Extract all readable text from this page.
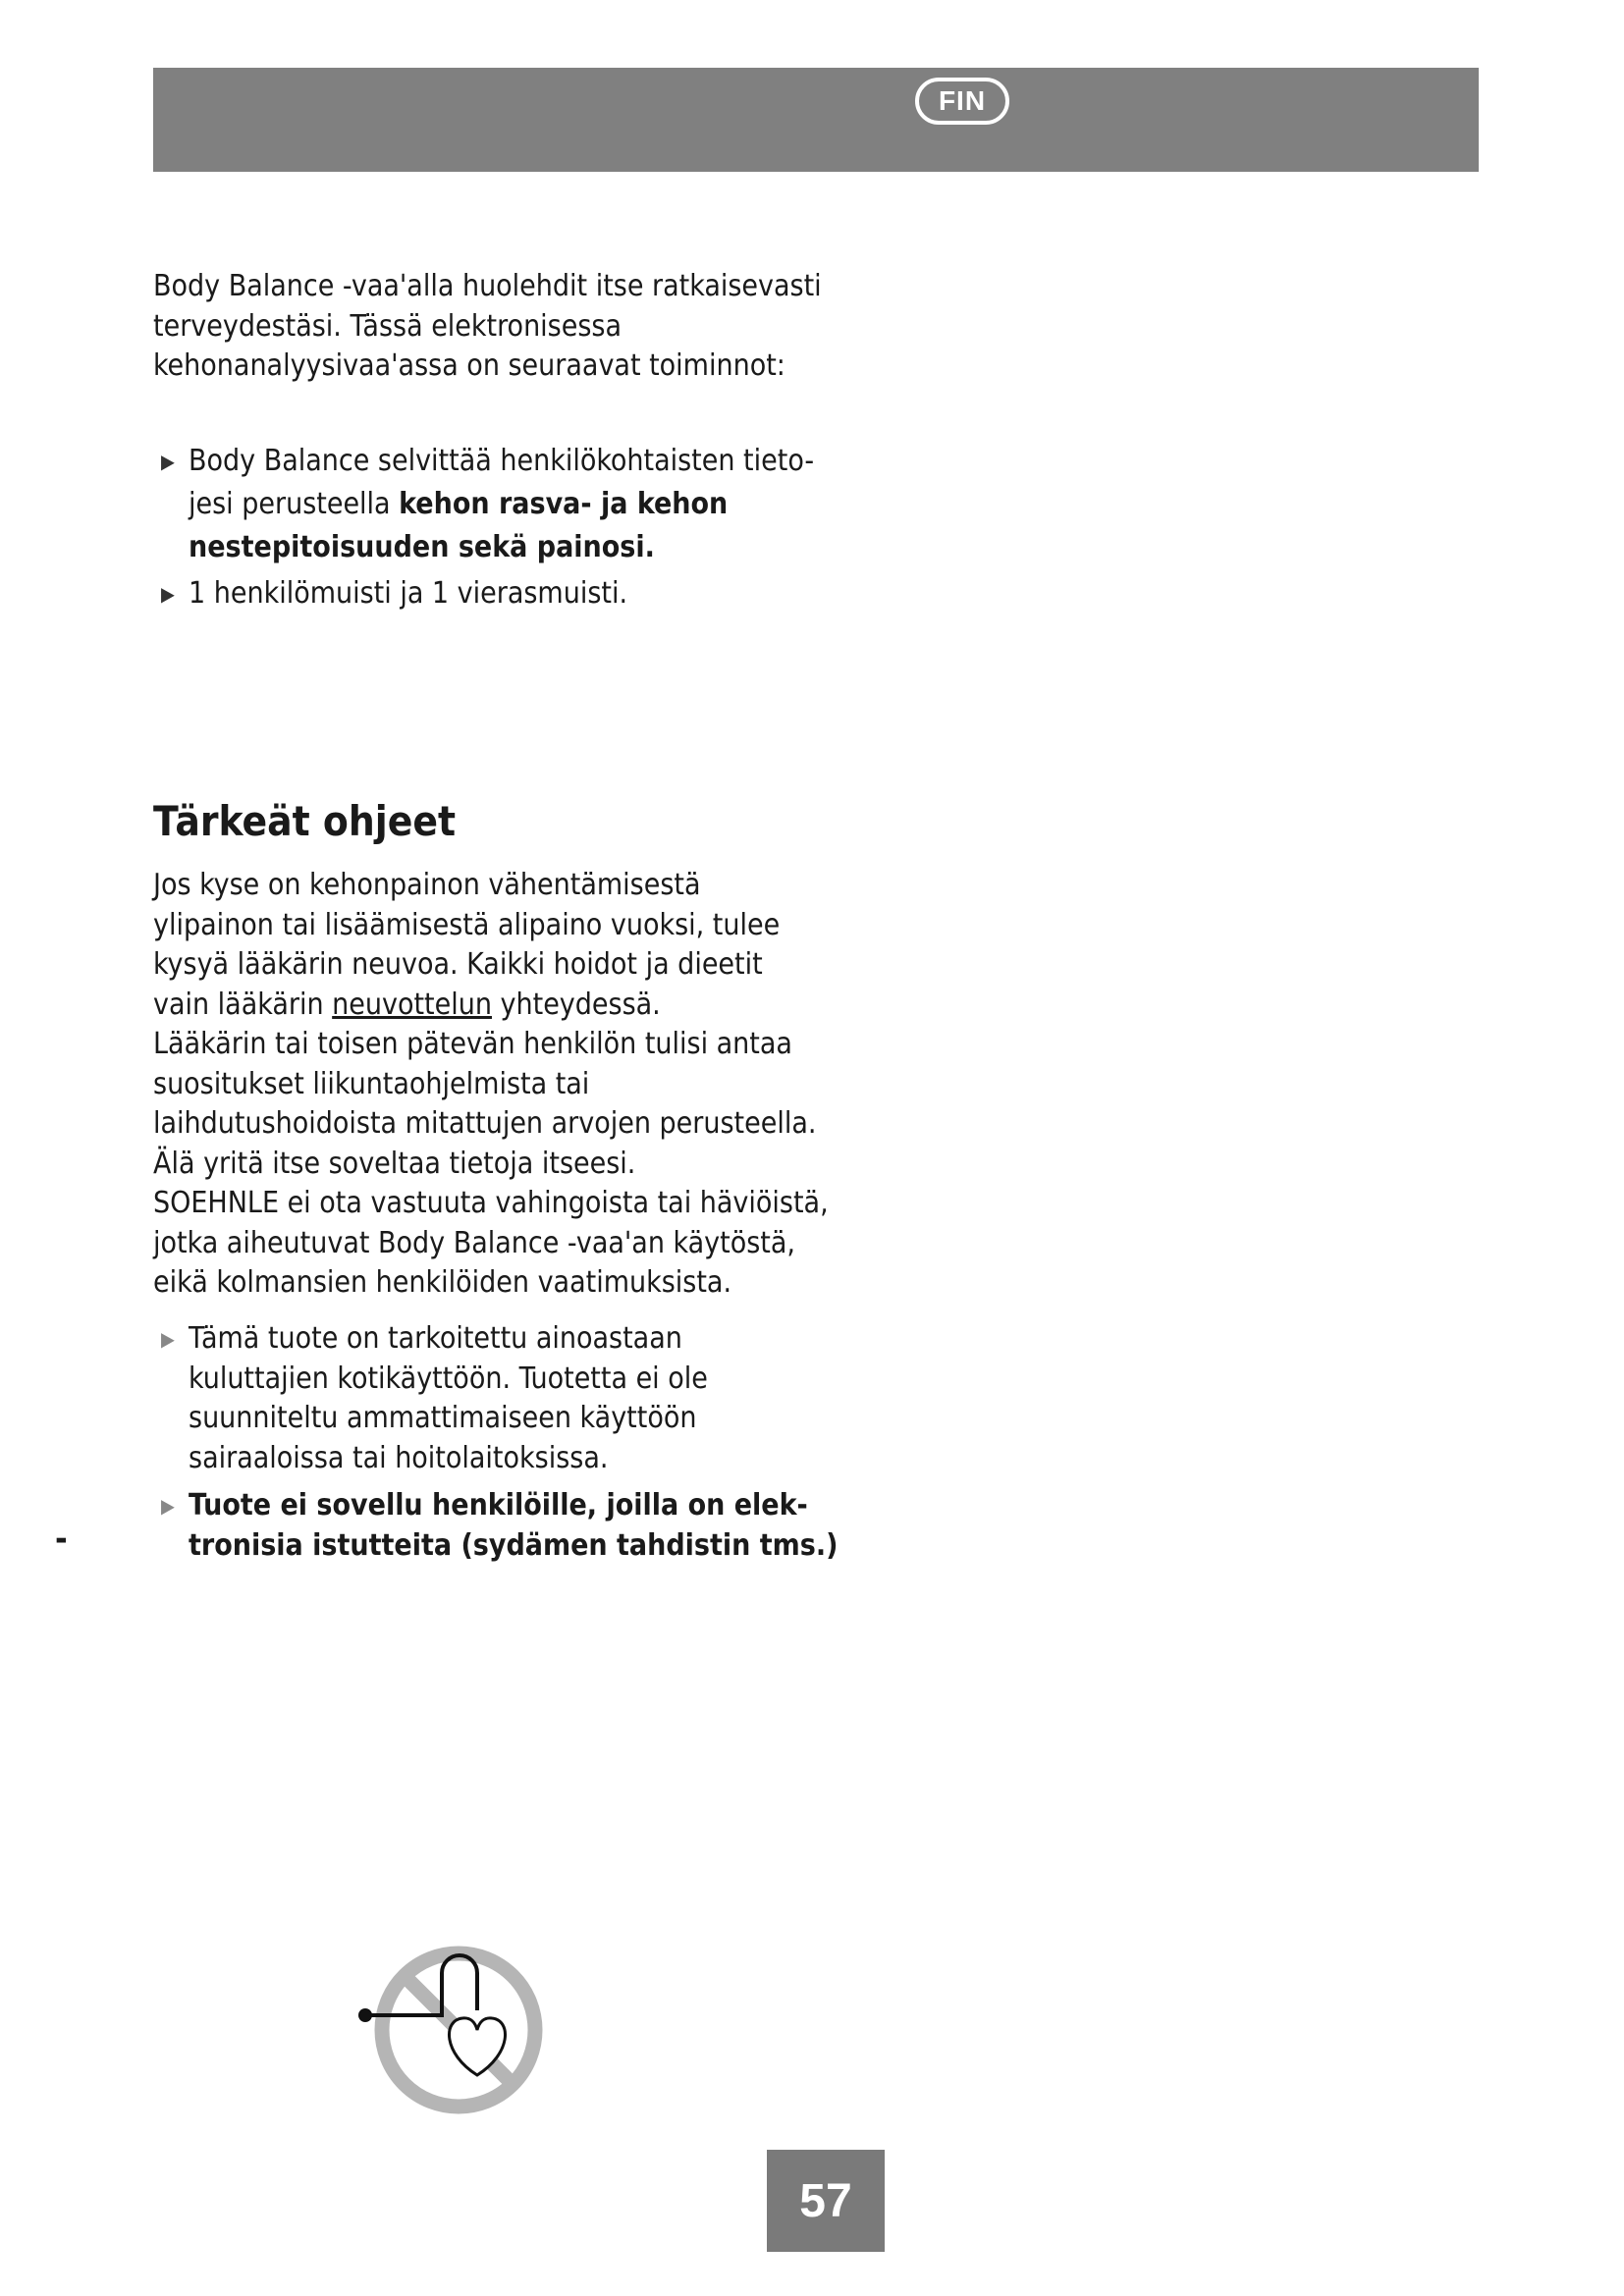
FIN
Body Balance -vaa'alla huolehdit itse ratkaisevasti
terveydestäsi. Tässä elektronisessa
kehonanalyysivaa'assa on seuraavat toiminnot:
▶ Body Balance selvittää henkilökohtaisten tieto-
jesi perusteella kehon rasva- ja kehon
nestepitoisuuden sekä painosi.
▶ 1 henkilömuisti ja 1 vierasmuisti.
Tärkeät ohjeet

Jos kyse on kehonpainon vähentämisestä

ylipainon tai lisäämisestä alipaino vuoksi, tulee

kysyä lääkärin neuvoa. Kaikki hoidot ja dieetit

vain lääkärin neuvottelun yhteydessä.

Lääkärin tai toisen pätevän henkilön tulisi antaa

suositukset liikuntaohjelmista tai

laihdutushoidoista mitattujen arvojen perusteella.

Älä yritä itse soveltaa tietoja itseesi.

SOEHNLE ei ota vastuuta vahingoista tai häviöistä,

jotka aiheutuvat Body Balance -vaa'an käytöstä,

eikä kolmansien henkilöiden vaatimuksista.

▶ Tämä tuote on tarkoitettu ainoastaan
kuluttajien kotikäyttöön. Tuotetta ei ole
suunniteltu ammattimaiseen käyttöön
sairaaloissa tai hoitolaitoksissa.
▶ Tuote ei sovellu henkilöille, joilla on elek-
tronisia istutteita (sydämen tahdistin tms.)
-
57
